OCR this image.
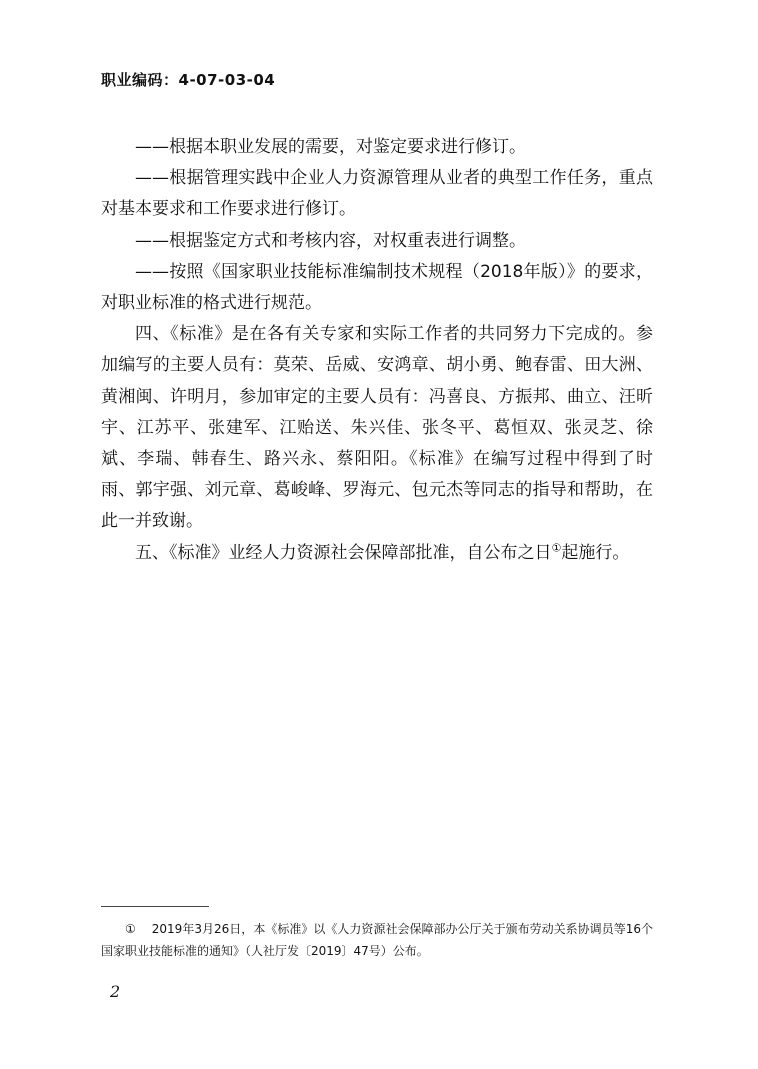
职业编码：4-07-03-04

——根据本职业发展的需要，对鉴定要求进行修订。

——根据管理实践中企业人力资源管理从业者的典型工作任务，重点对基本要求和工作要求进行修订。

——根据鉴定方式和考核内容，对权重表进行调整。

——按照《国家职业技能标准编制技术规程（2018年版）》的要求，对职业标准的格式进行规范。

四、《标准》是在各有关专家和实际工作者的共同努力下完成的。参加编写的主要人员有：莫荣、岳威、安鸿章、胡小勇、鲍春雷、田大洲、黄湘闽、许明月，参加审定的主要人员有：冯喜良、方振邦、曲立、汪昕宇、江苏平、张建军、江贻送、朱兴佳、张冬平、葛恒双、张灵芝、徐斌、李瑞、韩春生、路兴永、蔡阳阳。《标准》在编写过程中得到了时雨、郭宇强、刘元章、葛峻峰、罗海元、包元杰等同志的指导和帮助，在此一并致谢。

五、《标准》业经人力资源社会保障部批准，自公布之日①起施行。

① 2019年3月26日，本《标准》以《人力资源社会保障部办公厅关于颁布劳动关系协调员等16个国家职业技能标准的通知》（人社厅发〔2019〕47号）公布。

2
